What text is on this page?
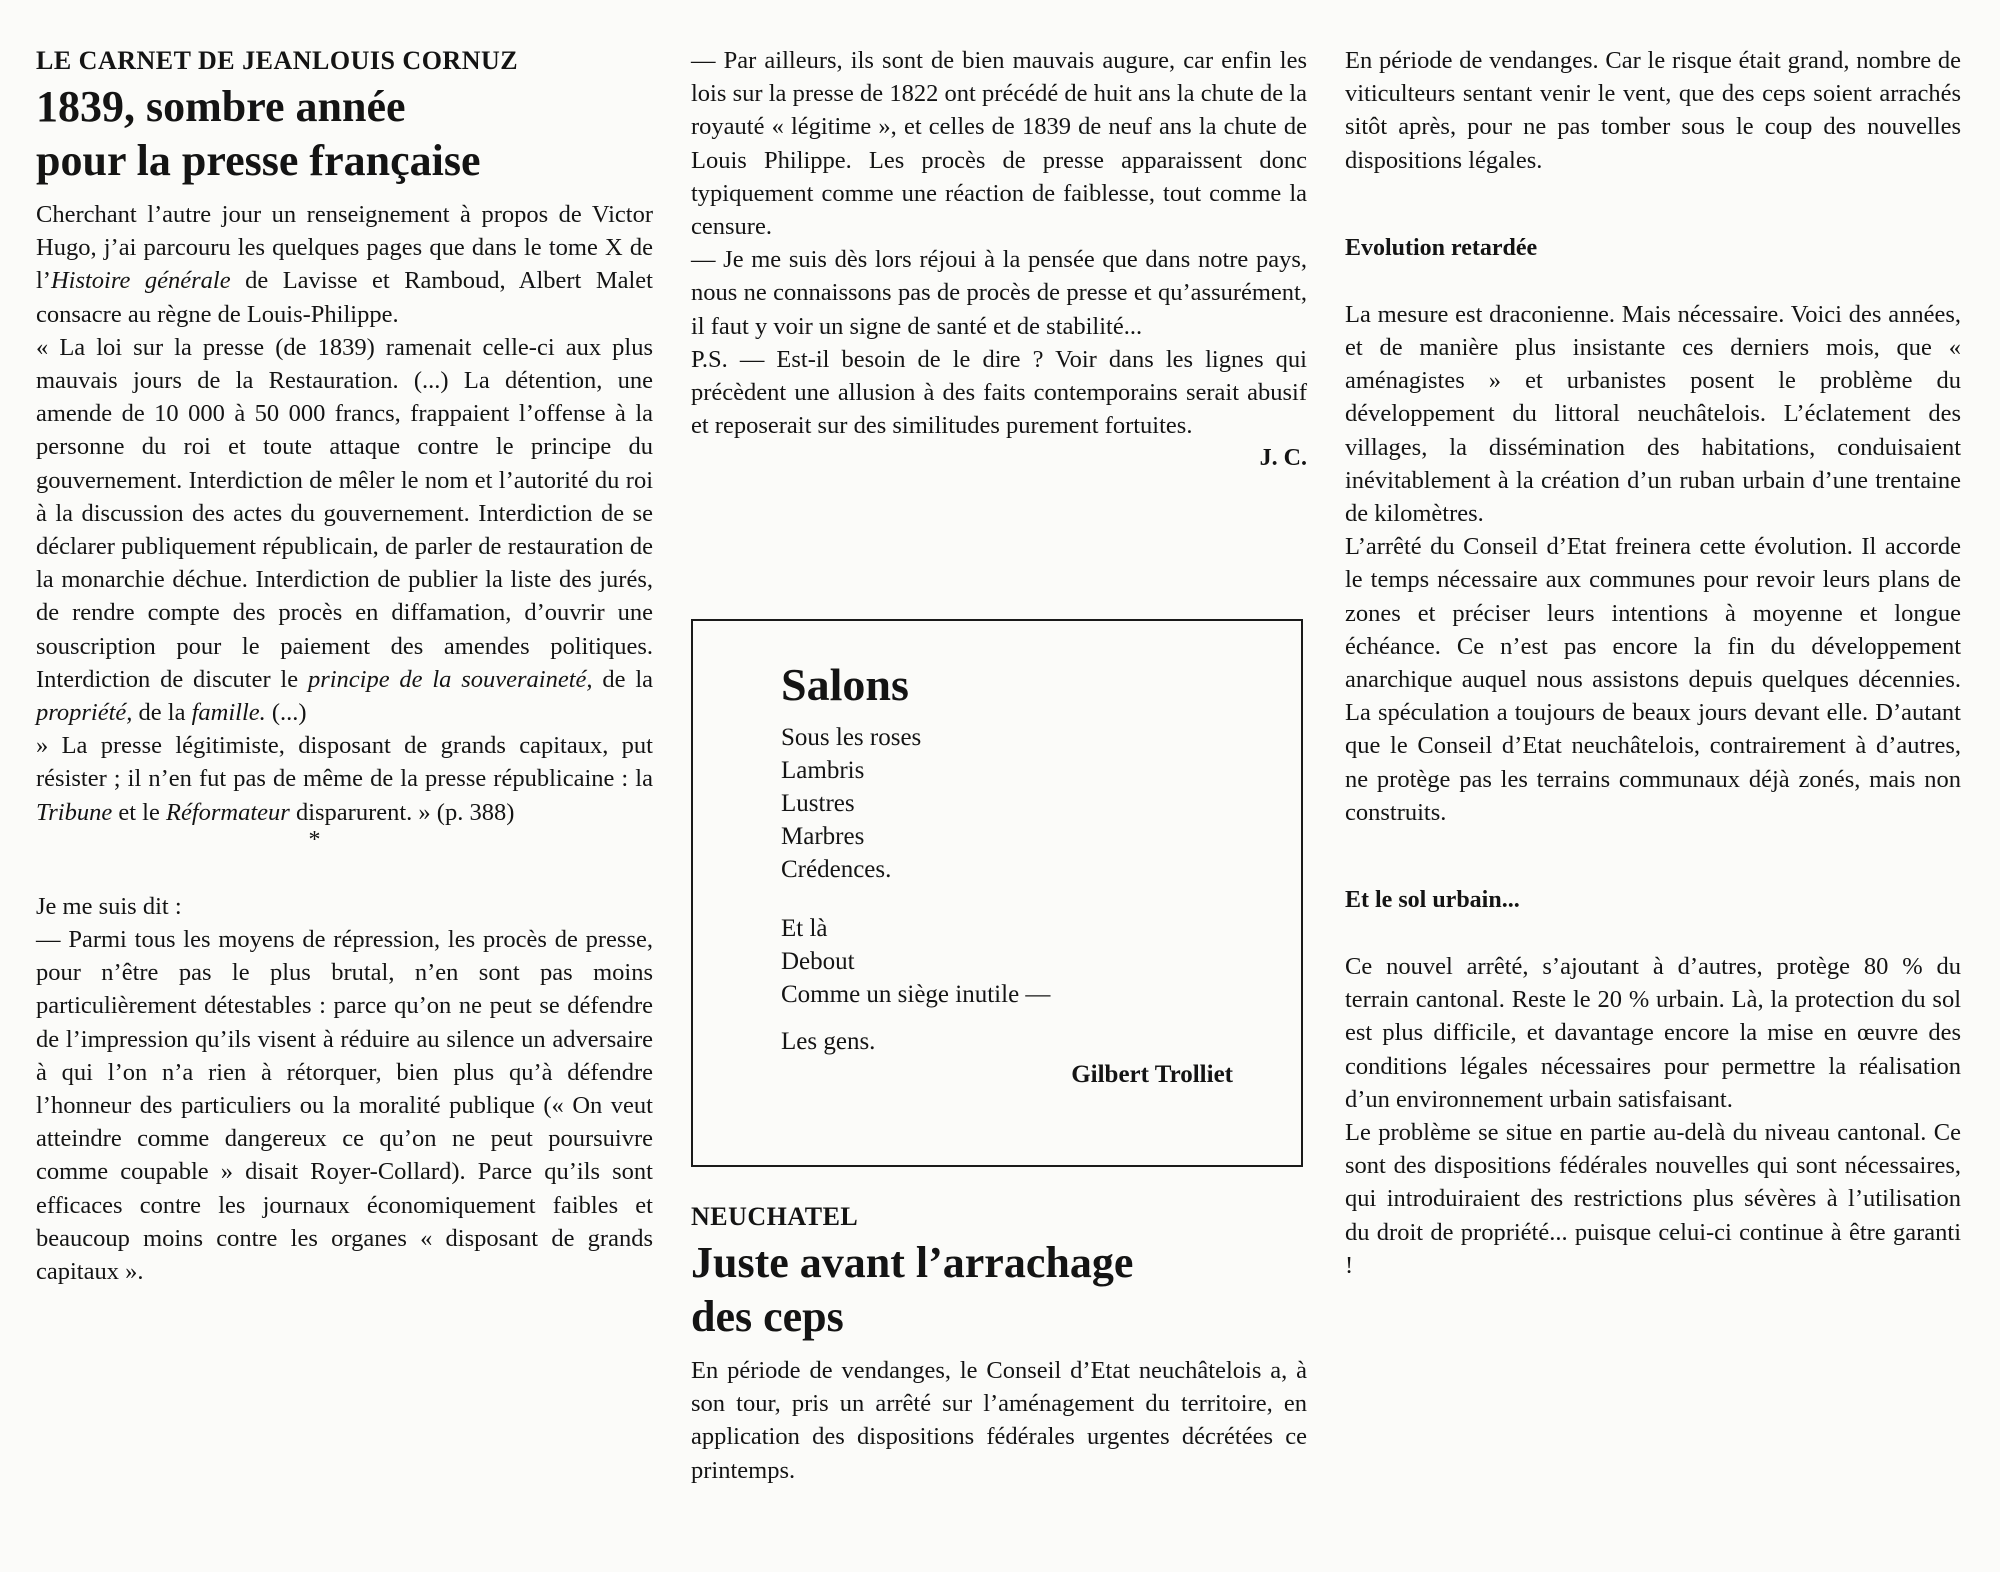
LE CARNET DE JEANLOUIS CORNUZ
1839, sombre année
pour la presse française

Cherchant l’autre jour un renseignement à propos de Victor Hugo, j’ai parcouru les quelques pages que dans le tome X de l’Histoire générale de Lavisse et Ramboud, Albert Malet consacre au règne de Louis-Philippe.

« La loi sur la presse (de 1839) ramenait celle-ci aux plus mauvais jours de la Restauration. (...) La détention, une amende de 10 000 à 50 000 francs, frappaient l’offense à la personne du roi et toute attaque contre le principe du gouvernement. Interdiction de mêler le nom et l’autorité du roi à la discussion des actes du gouvernement. Interdiction de se déclarer publiquement républicain, de parler de restauration de la monarchie déchue. Interdiction de publier la liste des jurés, de rendre compte des procès en diffamation, d’ouvrir une souscription pour le paiement des amendes politiques. Interdiction de discuter le principe de la souveraineté, de la propriété, de la famille. (...)

» La presse légitimiste, disposant de grands capitaux, put résister ; il n’en fut pas de même de la presse républicaine : la Tribune et le Réformateur disparurent. » (p. 388)

*

Je me suis dit :

— Parmi tous les moyens de répression, les procès de presse, pour n’être pas le plus brutal, n’en sont pas moins particulièrement détestables : parce qu’on ne peut se défendre de l’impression qu’ils visent à réduire au silence un adversaire à qui l’on n’a rien à rétorquer, bien plus qu’à défendre l’honneur des particuliers ou la moralité publique (« On veut atteindre comme dangereux ce qu’on ne peut poursuivre comme coupable » disait Royer-Collard). Parce qu’ils sont efficaces contre les journaux économiquement faibles et beaucoup moins contre les organes « disposant de grands capitaux ».

— Par ailleurs, ils sont de bien mauvais augure, car enfin les lois sur la presse de 1822 ont précédé de huit ans la chute de la royauté « légitime », et celles de 1839 de neuf ans la chute de Louis Philippe. Les procès de presse apparaissent donc typiquement comme une réaction de faiblesse, tout comme la censure.

— Je me suis dès lors réjoui à la pensée que dans notre pays, nous ne connaissons pas de procès de presse et qu’assurément, il faut y voir un signe de santé et de stabilité...

P.S. — Est-il besoin de le dire ? Voir dans les lignes qui précèdent une allusion à des faits contemporains serait abusif et reposerait sur des similitudes purement fortuites.

J. C.
Salons
Sous les roses
Lambris
Lustres
Marbres
Crédences.
Et là
Debout
Comme un siège inutile —
Les gens.
Gilbert Trolliet
NEUCHATEL
Juste avant l’arrachage
des ceps

En période de vendanges, le Conseil d’Etat neuchâtelois a, à son tour, pris un arrêté sur l’aménagement du territoire, en application des dispositions fédérales urgentes décrétées ce printemps.

En période de vendanges. Car le risque était grand, nombre de viticulteurs sentant venir le vent, que des ceps soient arrachés sitôt après, pour ne pas tomber sous le coup des nouvelles dispositions légales.

Evolution retardée

La mesure est draconienne. Mais nécessaire. Voici des années, et de manière plus insistante ces derniers mois, que « aménagistes » et urbanistes posent le problème du développement du littoral neuchâtelois. L’éclatement des villages, la dissémination des habitations, conduisaient inévitablement à la création d’un ruban urbain d’une trentaine de kilomètres.

L’arrêté du Conseil d’Etat freinera cette évolution. Il accorde le temps nécessaire aux communes pour revoir leurs plans de zones et préciser leurs intentions à moyenne et longue échéance. Ce n’est pas encore la fin du développement anarchique auquel nous assistons depuis quelques décennies. La spéculation a toujours de beaux jours devant elle. D’autant que le Conseil d’Etat neuchâtelois, contrairement à d’autres, ne protège pas les terrains communaux déjà zonés, mais non construits.

Et le sol urbain...

Ce nouvel arrêté, s’ajoutant à d’autres, protège 80 % du terrain cantonal. Reste le 20 % urbain. Là, la protection du sol est plus difficile, et davantage encore la mise en œuvre des conditions légales nécessaires pour permettre la réalisation d’un environnement urbain satisfaisant.

Le problème se situe en partie au-delà du niveau cantonal. Ce sont des dispositions fédérales nouvelles qui sont nécessaires, qui introduiraient des restrictions plus sévères à l’utilisation du droit de propriété... puisque celui-ci continue à être garanti !
